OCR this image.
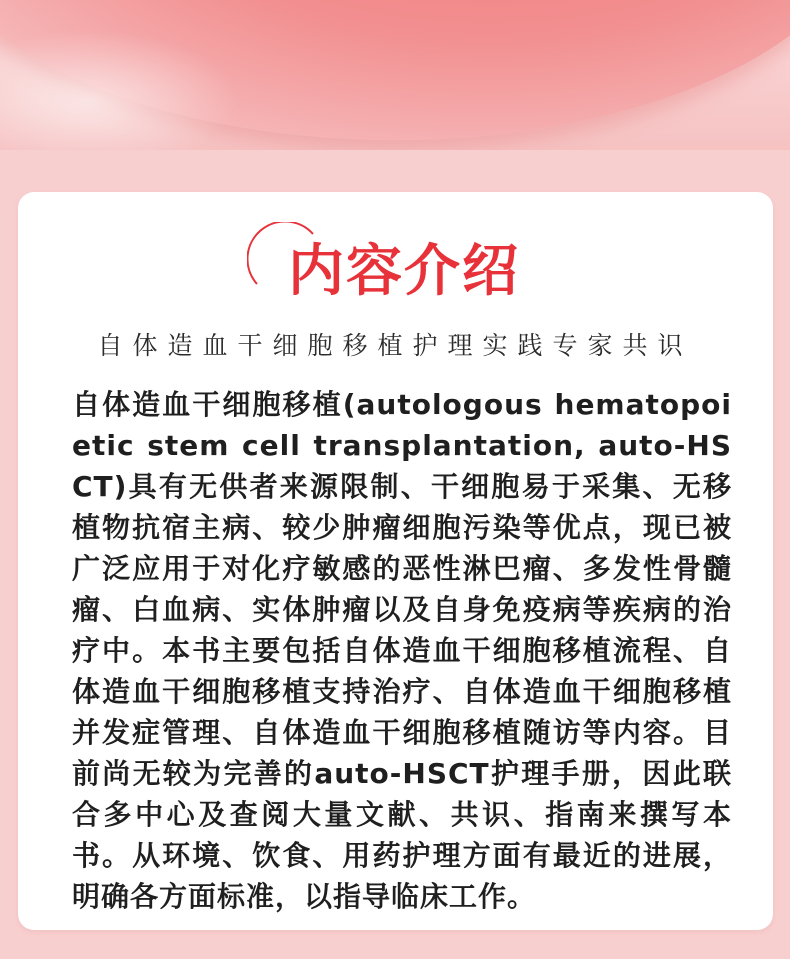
内容介绍
自体造血干细胞移植护理实践专家共识

自体造血干细胞移植(autologous hematopoietic stem cell transplantation, auto-HSCT)具有无供者来源限制、干细胞易于采集、无移植物抗宿主病、较少肿瘤细胞污染等优点，现已被广泛应用于对化疗敏感的恶性淋巴瘤、多发性骨髓瘤、白血病、实体肿瘤以及自身免疫病等疾病的治疗中。本书主要包括自体造血干细胞移植流程、自体造血干细胞移植支持治疗、自体造血干细胞移植并发症管理、自体造血干细胞移植随访等内容。目前尚无较为完善的auto-HSCT护理手册，因此联合多中心及查阅大量文献、共识、指南来撰写本书。从环境、饮食、用药护理方面有最近的进展，明确各方面标准，以指导临床工作。
